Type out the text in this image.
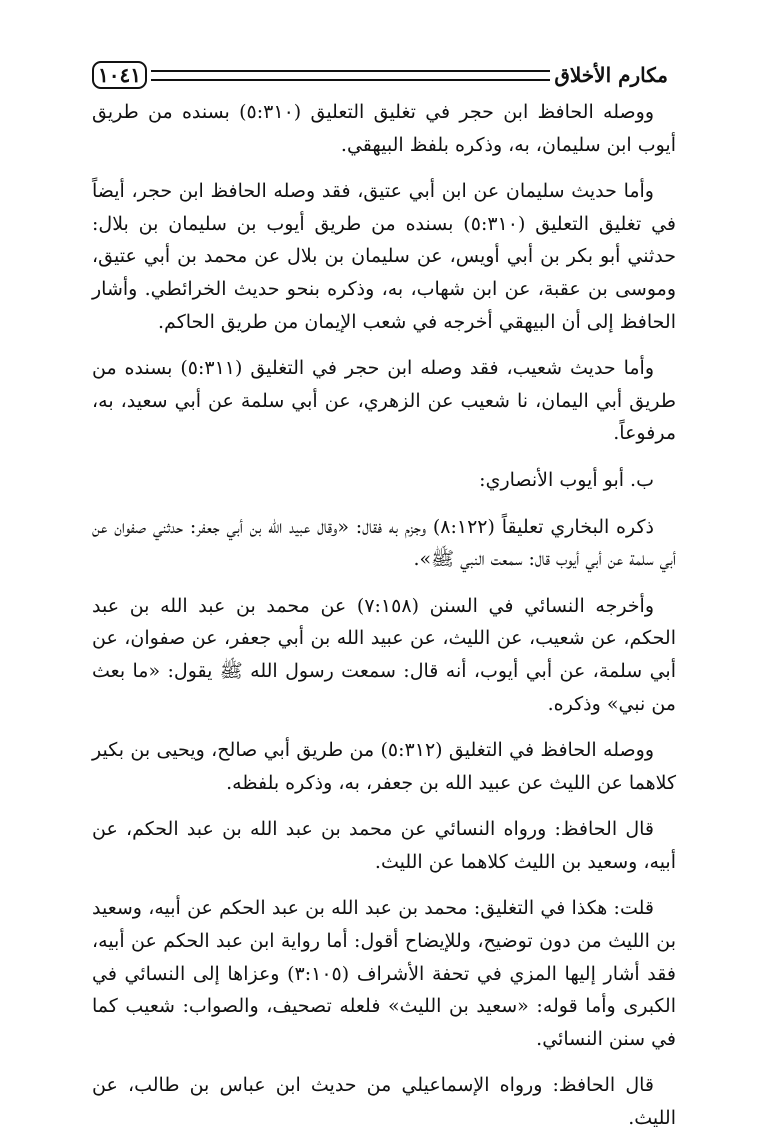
١٠٤١	مكارم الأخلاق

ووصله الحافظ ابن حجر في تغليق التعليق (٥:٣١٠) بسنده من طريق أيوب ابن سليمان، به، وذكره بلفظ البيهقي.

وأما حديث سليمان عن ابن أبي عتيق، فقد وصله الحافظ ابن حجر، أيضاً في تغليق التعليق (٥:٣١٠) بسنده من طريق أيوب بن سليمان بن بلال: حدثني أبو بكر بن أبي أويس، عن سليمان بن بلال عن محمد بن أبي عتيق، وموسى بن عقبة، عن ابن شهاب، به، وذكره بنحو حديث الخرائطي. وأشار الحافظ إلى أن البيهقي أخرجه في شعب الإيمان من طريق الحاكم.

وأما حديث شعيب، فقد وصله ابن حجر في التغليق (٥:٣١١) بسنده من طريق أبي اليمان، نا شعيب عن الزهري، عن أبي سلمة عن أبي سعيد، به، مرفوعاً.

ب. أبو أيوب الأنصاري:

ذكره البخاري تعليقاً (٨:١٢٢) وجزم به فقال: «وقال عبيد الله بن أبي جعفر: حدثني صفوان عن أبي سلمة عن أبي أيوب قال: سمعت النبي ﷺ».

وأخرجه النسائي في السنن (٧:١٥٨) عن محمد بن عبد الله بن عبد الحكم، عن شعيب، عن الليث، عن عبيد الله بن أبي جعفر، عن صفوان، عن أبي سلمة، عن أبي أيوب، أنه قال: سمعت رسول الله ﷺ يقول: «ما بعث من نبي» وذكره.

ووصله الحافظ في التغليق (٥:٣١٢) من طريق أبي صالح، ويحيى بن بكير كلاهما عن الليث عن عبيد الله بن جعفر، به، وذكره بلفظه.

قال الحافظ: ورواه النسائي عن محمد بن عبد الله بن عبد الحكم، عن أبيه، وسعيد بن الليث كلاهما عن الليث.

قلت: هكذا في التغليق: محمد بن عبد الله بن عبد الحكم عن أبيه، وسعيد بن الليث من دون توضيح، وللإيضاح أقول: أما رواية ابن عبد الحكم عن أبيه، فقد أشار إليها المزي في تحفة الأشراف (٣:١٠٥) وعزاها إلى النسائي في الكبرى وأما قوله: «سعيد بن الليث» فلعله تصحيف، والصواب: شعيب كما في سنن النسائي.

قال الحافظ: ورواه الإسماعيلي من حديث ابن عباس بن طالب، عن الليث.
